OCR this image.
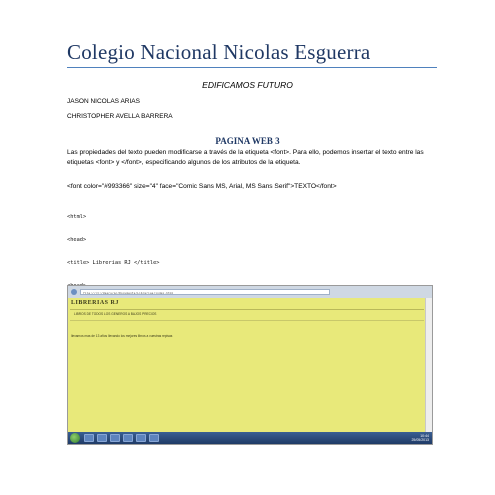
Colegio Nacional Nicolas Esguerra
EDIFICAMOS FUTURO
JASON NICOLAS ARIAS
CHRISTOPHER AVELLA BARRERA
PAGINA WEB 3
Las propiedades del texto pueden modificarse a través de la etiqueta <font>. Para ello, podemos insertar el texto entre las etiquetas <font> y </font>, especificando algunos de los atributos de la etiqueta.
<font color="#993366" size="4" face="Comic Sans MS, Arial, MS Sans Serif">TEXTO</font>

<html>

<head>

<title> Librerias RJ </title>

file:///C:/Users/pc/Documents/Librerias/index.html
LIBRERIAS RJ
LIBROS DE TODOS LOS GENEROS A BAJOS PRECIOS
llevamos mas de 13 años llevando los mejores libros a vuestras repisas
10:44
25/05/2013
